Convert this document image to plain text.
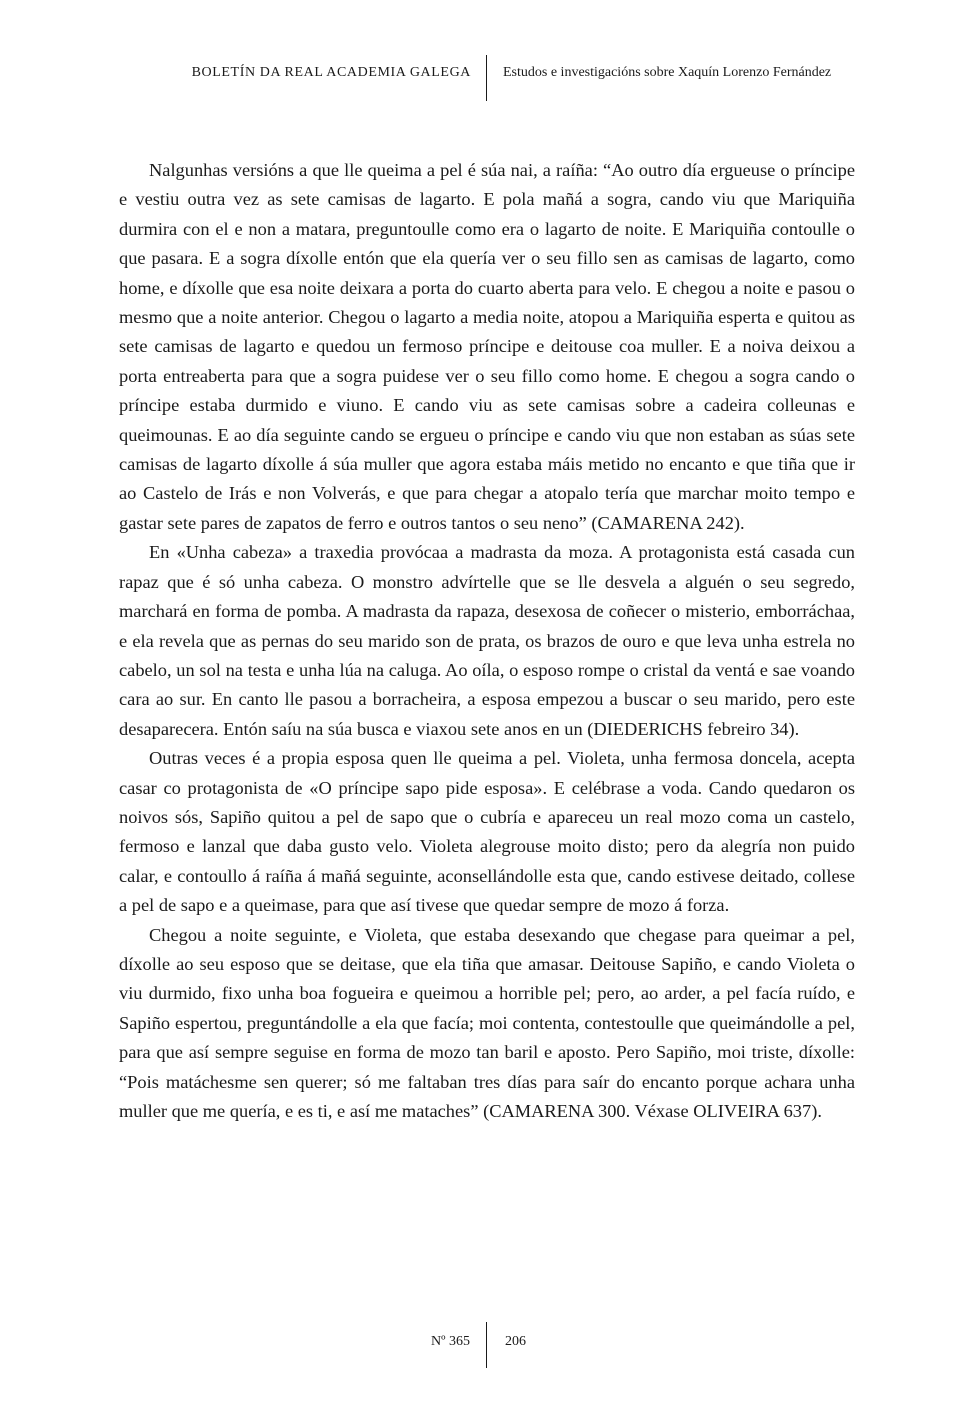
BOLETÍN DA REAL ACADEMIA GALEGA Estudos e investigacións sobre Xaquín Lorenzo Fernández

Nalgunhas versións a que lle queima a pel é súa nai, a raíña: “Ao outro día ergueuse o príncipe e vestiu outra vez as sete camisas de lagarto. E pola mañá a sogra, cando viu que Mariquiña durmira con el e non a matara, preguntoulle como era o lagarto de noite. E Mariquiña contoulle o que pasara. E a sogra díxolle entón que ela quería ver o seu fillo sen as camisas de lagarto, como home, e díxolle que esa noite deixara a porta do cuarto aberta para velo. E chegou a noite e pasou o mesmo que a noite anterior. Chegou o lagarto a media noite, atopou a Mariquiña esperta e quitou as sete camisas de lagarto e quedou un fermoso príncipe e deitouse coa muller. E a noiva deixou a porta entreaberta para que a sogra puidese ver o seu fillo como home. E chegou a sogra cando o príncipe estaba durmido e viuno. E cando viu as sete camisas sobre a cadeira colleunas e queimounas. E ao día seguinte cando se ergueu o príncipe e cando viu que non estaban as súas sete camisas de lagarto díxolle á súa muller que agora estaba máis metido no encanto e que tiña que ir ao Castelo de Irás e non Volverás, e que para chegar a atopalo tería que marchar moito tempo e gastar sete pares de zapatos de ferro e outros tantos o seu neno” (CAMARENA 242).

En «Unha cabeza» a traxedia provócaa a madrasta da moza. A protagonista está casada cun rapaz que é só unha cabeza. O monstro advírtelle que se lle desvela a alguén o seu segredo, marchará en forma de pomba. A madrasta da rapaza, desexosa de coñecer o misterio, emborráchaa, e ela revela que as pernas do seu marido son de prata, os brazos de ouro e que leva unha estrela no cabelo, un sol na testa e unha lúa na caluga. Ao oíla, o esposo rompe o cristal da ventá e sae voando cara ao sur. En canto lle pasou a borracheira, a esposa empezou a buscar o seu marido, pero este desaparecera. Entón saíu na súa busca e viaxou sete anos en un (DIEDERICHS febreiro 34).

Outras veces é a propia esposa quen lle queima a pel. Violeta, unha fermosa doncela, acepta casar co protagonista de «O príncipe sapo pide esposa». E celébrase a voda. Cando quedaron os noivos sós, Sapiño quitou a pel de sapo que o cubría e apareceu un real mozo coma un castelo, fermoso e lanzal que daba gusto velo. Violeta alegrouse moito disto; pero da alegría non puido calar, e contoullo á raíña á mañá seguinte, aconsellándolle esta que, cando estivese deitado, collese a pel de sapo e a queimase, para que así tivese que quedar sempre de mozo á forza.

Chegou a noite seguinte, e Violeta, que estaba desexando que chegase para queimar a pel, díxolle ao seu esposo que se deitase, que ela tiña que amasar. Deitouse Sapiño, e cando Violeta o viu durmido, fixo unha boa fogueira e queimou a horrible pel; pero, ao arder, a pel facía ruído, e Sapiño espertou, preguntándolle a ela que facía; moi contenta, contestoulle que queimándolle a pel, para que así sempre seguise en forma de mozo tan baril e aposto. Pero Sapiño, moi triste, díxolle: “Pois matáchesme sen querer; só me faltaban tres días para saír do encanto porque achara unha muller que me quería, e es ti, e así me mataches” (CAMARENA 300. Véxase OLIVEIRA 637).

Nº 365	206
